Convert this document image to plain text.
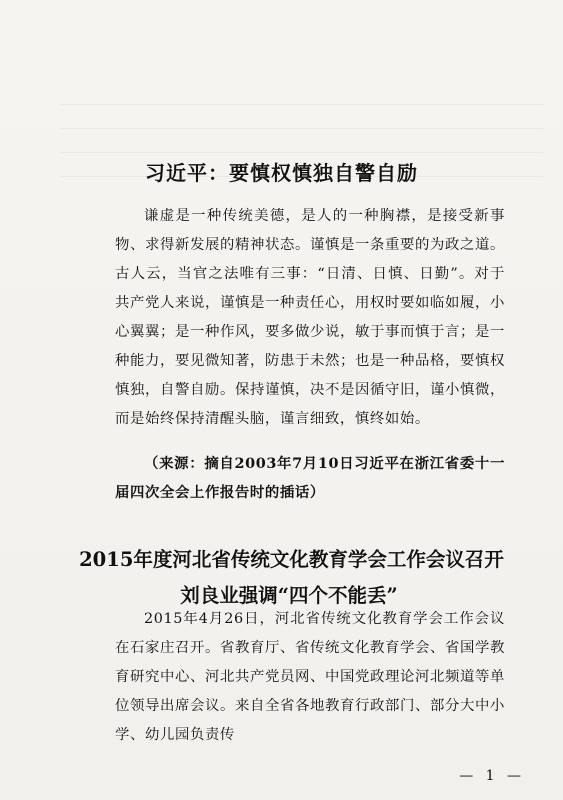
习近平：要慎权慎独自警自励

谦虚是一种传统美德，是人的一种胸襟，是接受新事物、求得新发展的精神状态。谨慎是一条重要的为政之道。古人云，当官之法唯有三事：“日清、日慎、日勤”。对于共产党人来说，谨慎是一种责任心，用权时要如临如履，小心翼翼；是一种作风，要多做少说，敏于事而慎于言；是一种能力，要见微知著，防患于未然；也是一种品格，要慎权慎独，自警自励。保持谨慎，决不是因循守旧，谨小慎微，而是始终保持清醒头脑，谨言细致，慎终如始。

（来源：摘自2003年7月10日习近平在浙江省委十一届四次全会上作报告时的插话）

2015年度河北省传统文化教育学会工作会议召开
刘良业强调“四个不能丢”

2015年4月26日，河北省传统文化教育学会工作会议在石家庄召开。省教育厅、省传统文化教育学会、省国学教育研究中心、河北共产党员网、中国党政理论河北频道等单位领导出席会议。来自全省各地教育行政部门、部分大中小学、幼儿园负责传

— 1 —
